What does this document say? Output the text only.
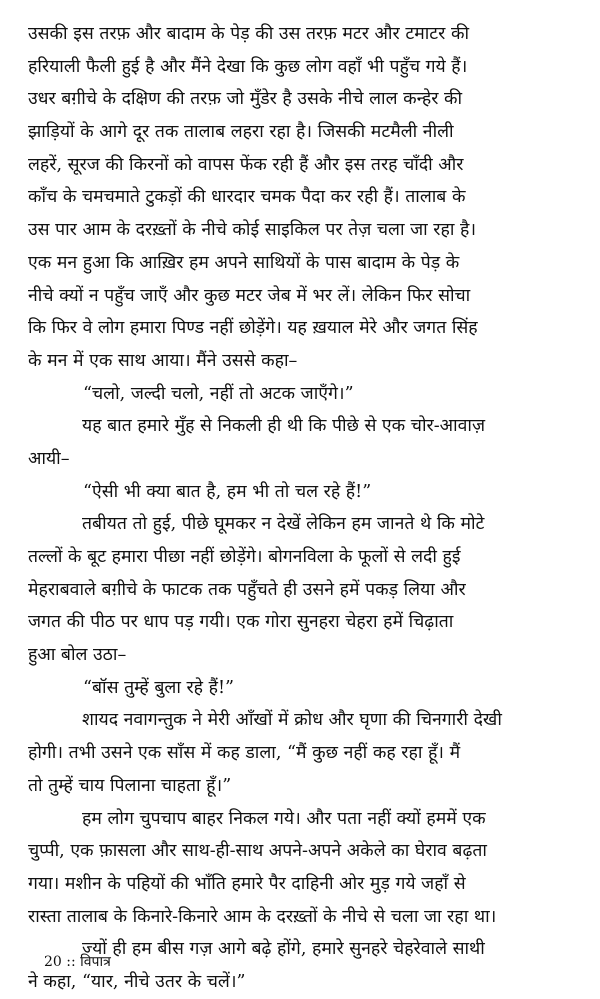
उसकी इस तरफ़ और बादाम के पेड़ की उस तरफ़ मटर और टमाटर की
हरियाली फैली हुई है और मैंने देखा कि कुछ लोग वहाँ भी पहुँच गये हैं।
उधर बग़ीचे के दक्षिण की तरफ़ जो मुँडेर है उसके नीचे लाल कन्हेर की
झाड़ियों के आगे दूर तक तालाब लहरा रहा है। जिसकी मटमैली नीली
लहरें, सूरज की किरनों को वापस फेंक रही हैं और इस तरह चाँदी और
काँच के चमचमाते टुकड़ों की धारदार चमक पैदा कर रही हैं। तालाब के
उस पार आम के दरख़्तों के नीचे कोई साइकिल पर तेज़ चला जा रहा है।
एक मन हुआ कि आख़िर हम अपने साथियों के पास बादाम के पेड़ के
नीचे क्यों न पहुँच जाएँ और कुछ मटर जेब में भर लें। लेकिन फिर सोचा
कि फिर वे लोग हमारा पिण्ड नहीं छोड़ेंगे। यह ख़याल मेरे और जगत सिंह
के मन में एक साथ आया। मैंने उससे कहा–
“चलो, जल्दी चलो, नहीं तो अटक जाएँगे।”
यह बात हमारे मुँह से निकली ही थी कि पीछे से एक चोर-आवाज़
आयी–
“ऐसी भी क्या बात है, हम भी तो चल रहे हैं!”
तबीयत तो हुई, पीछे घूमकर न देखें लेकिन हम जानते थे कि मोटे
तल्लों के बूट हमारा पीछा नहीं छोड़ेंगे। बोगनविला के फूलों से लदी हुई
मेहराबवाले बग़ीचे के फाटक तक पहुँचते ही उसने हमें पकड़ लिया और
जगत की पीठ पर धाप पड़ गयी। एक गोरा सुनहरा चेहरा हमें चिढ़ाता
हुआ बोल उठा–
“बॉस तुम्हें बुला रहे हैं!”
शायद नवागन्तुक ने मेरी आँखों में क्रोध और घृणा की चिनगारी देखी
होगी। तभी उसने एक साँस में कह डाला, “मैं कुछ नहीं कह रहा हूँ। मैं
तो तुम्हें चाय पिलाना चाहता हूँ।”
हम लोग चुपचाप बाहर निकल गये। और पता नहीं क्यों हममें एक
चुप्पी, एक फ़ासला और साथ-ही-साथ अपने-अपने अकेले का घेराव बढ़ता
गया। मशीन के पहियों की भाँति हमारे पैर दाहिनी ओर मुड़ गये जहाँ से
रास्ता तालाब के किनारे-किनारे आम के दरख़्तों के नीचे से चला जा रहा था।
ज्यों ही हम बीस गज़ आगे बढ़े होंगे, हमारे सुनहरे चेहरेवाले साथी
ने कहा, “यार, नीचे उतर के चलें।”
20 :: विपात्र
